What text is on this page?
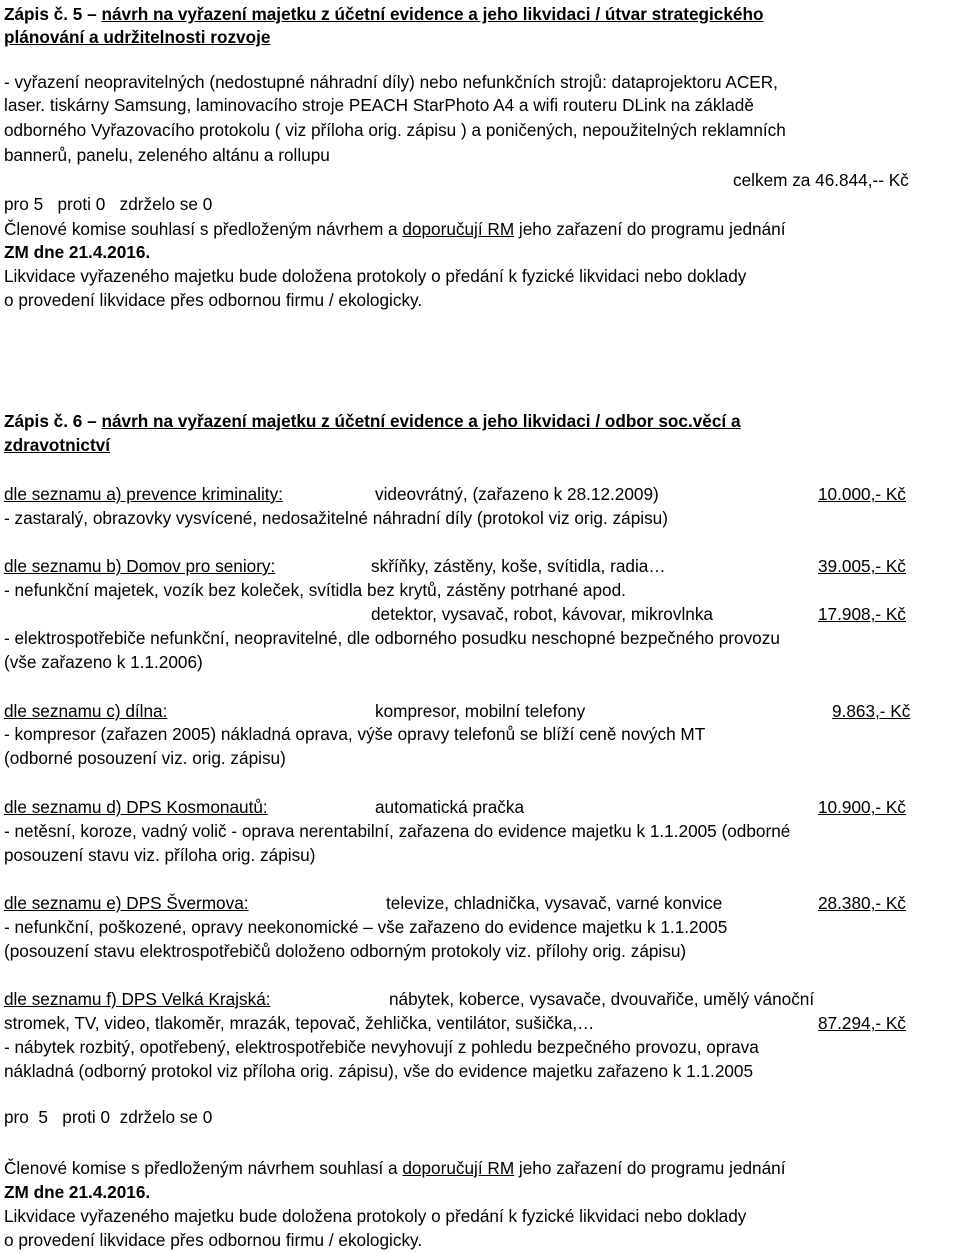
Zápis č. 5 – návrh na vyřazení majetku z účetní evidence a jeho likvidaci / útvar strategického
plánování a udržitelnosti rozvoje
- vyřazení neopravitelných (nedostupné náhradní díly) nebo nefunkčních strojů: dataprojektoru ACER,
laser. tiskárny Samsung, laminovacího stroje PEACH StarPhoto A4 a wifi routeru DLink na základě
odborného Vyřazovacího protokolu ( viz příloha orig. zápisu ) a poničených, nepoužitelných reklamních
bannerů, panelu, zeleného altánu a rollupu
celkem za 46.844,-- Kč
pro 5   proti 0   zdrželo se 0
Členové komise souhlasí s předloženým návrhem a doporučují RM jeho zařazení do programu jednání
ZM dne 21.4.2016.
Likvidace vyřazeného majetku bude doložena protokoly o předání k fyzické likvidaci nebo doklady
o provedení likvidace přes odbornou firmu / ekologicky.
Zápis č. 6 – návrh na vyřazení majetku z účetní evidence a jeho likvidaci / odbor soc.věcí a
zdravotnictví
dle seznamu a) prevence kriminality:	videovrátný, (zařazeno k 28.12.2009)	10.000,- Kč
- zastaralý, obrazovky vysvícené, nedosažitelné náhradní díly (protokol viz orig. zápisu)
dle seznamu b) Domov pro seniory:	skříňky, zástěny, koše, svítidla, radia…	39.005,- Kč
- nefunkční majetek, vozík bez koleček, svítidla bez krytů, zástěny potrhané apod.
detektor, vysavač, robot, kávovar, mikrovlnka	17.908,- Kč
- elektrospotřebiče nefunkční, neopravitelné, dle odborného posudku neschopné bezpečného provozu
(vše zařazeno k 1.1.2006)
dle seznamu c) dílna:	kompresor, mobilní telefony	9.863,- Kč
- kompresor (zařazen 2005) nákladná oprava, výše opravy telefonů se blíží ceně nových MT
(odborné posouzení viz. orig. zápisu)
dle seznamu d) DPS Kosmonautů:	automatická pračka	10.900,- Kč
- netěsní, koroze, vadný volič - oprava nerentabilní, zařazena do evidence majetku k 1.1.2005 (odborné
posouzení stavu viz. příloha orig. zápisu)
dle seznamu e) DPS Švermova:	televize, chladnička, vysavač, varné konvice	28.380,- Kč
- nefunkční, poškozené, opravy neekonomické – vše zařazeno do evidence majetku k 1.1.2005
(posouzení stavu elektrospotřebičů doloženo odborným protokoly viz. přílohy orig. zápisu)
dle seznamu f) DPS Velká Krajská:	nábytek, koberce, vysavače, dvouvařiče, umělý vánoční
stromek, TV, video, tlakoměr, mrazák, tepovač, žehlička, ventilátor, sušička,…	87.294,- Kč
- nábytek rozbitý, opotřebený, elektrospotřebiče nevyhovují z pohledu bezpečného provozu, oprava
nákladná (odborný protokol viz příloha orig. zápisu), vše do evidence majetku zařazeno k 1.1.2005
pro  5   proti 0  zdrželo se 0
Členové komise s předloženým návrhem souhlasí a doporučují RM jeho zařazení do programu jednání
ZM dne 21.4.2016.
Likvidace vyřazeného majetku bude doložena protokoly o předání k fyzické likvidaci nebo doklady
o provedení likvidace přes odbornou firmu / ekologicky.
